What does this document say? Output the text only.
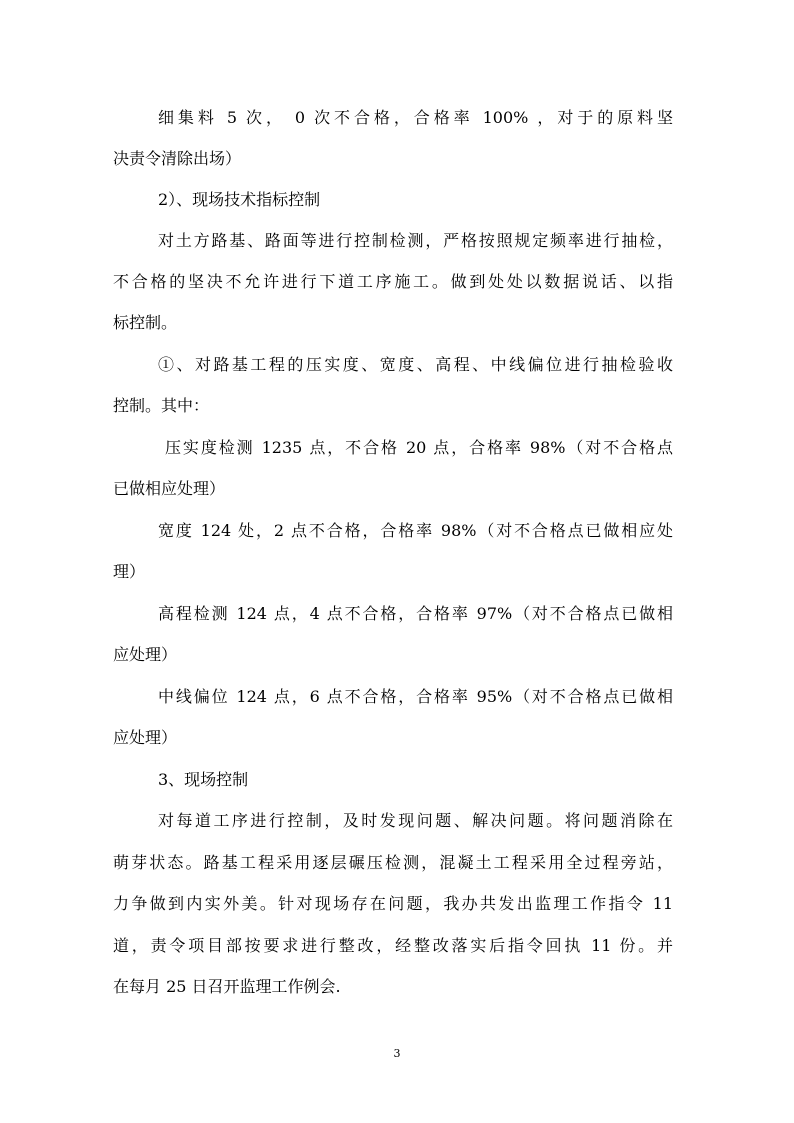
细集料 5 次， 0 次不合格，合格率 100% ，对于的原料坚

决责令清除出场）

2）、现场技术指标控制

对土方路基、路面等进行控制检测，严格按照规定频率进行抽检，

不合格的坚决不允许进行下道工序施工。做到处处以数据说话、以指

标控制。

①、对路基工程的压实度、宽度、高程、中线偏位进行抽检验收

控制。其中：

压实度检测 1235 点，不合格 20 点，合格率 98%（对不合格点

已做相应处理）

宽度 124 处，2 点不合格，合格率 98%（对不合格点已做相应处

理）

高程检测 124 点，4 点不合格，合格率 97%（对不合格点已做相

应处理）

中线偏位 124 点，6 点不合格，合格率 95%（对不合格点已做相

应处理）

3、现场控制

对每道工序进行控制，及时发现问题、解决问题。将问题消除在

萌芽状态。路基工程采用逐层碾压检测，混凝土工程采用全过程旁站，

力争做到内实外美。针对现场存在问题，我办共发出监理工作指令 11

道，责令项目部按要求进行整改，经整改落实后指令回执 11 份。并

在每月 25 日召开监理工作例会.

3
